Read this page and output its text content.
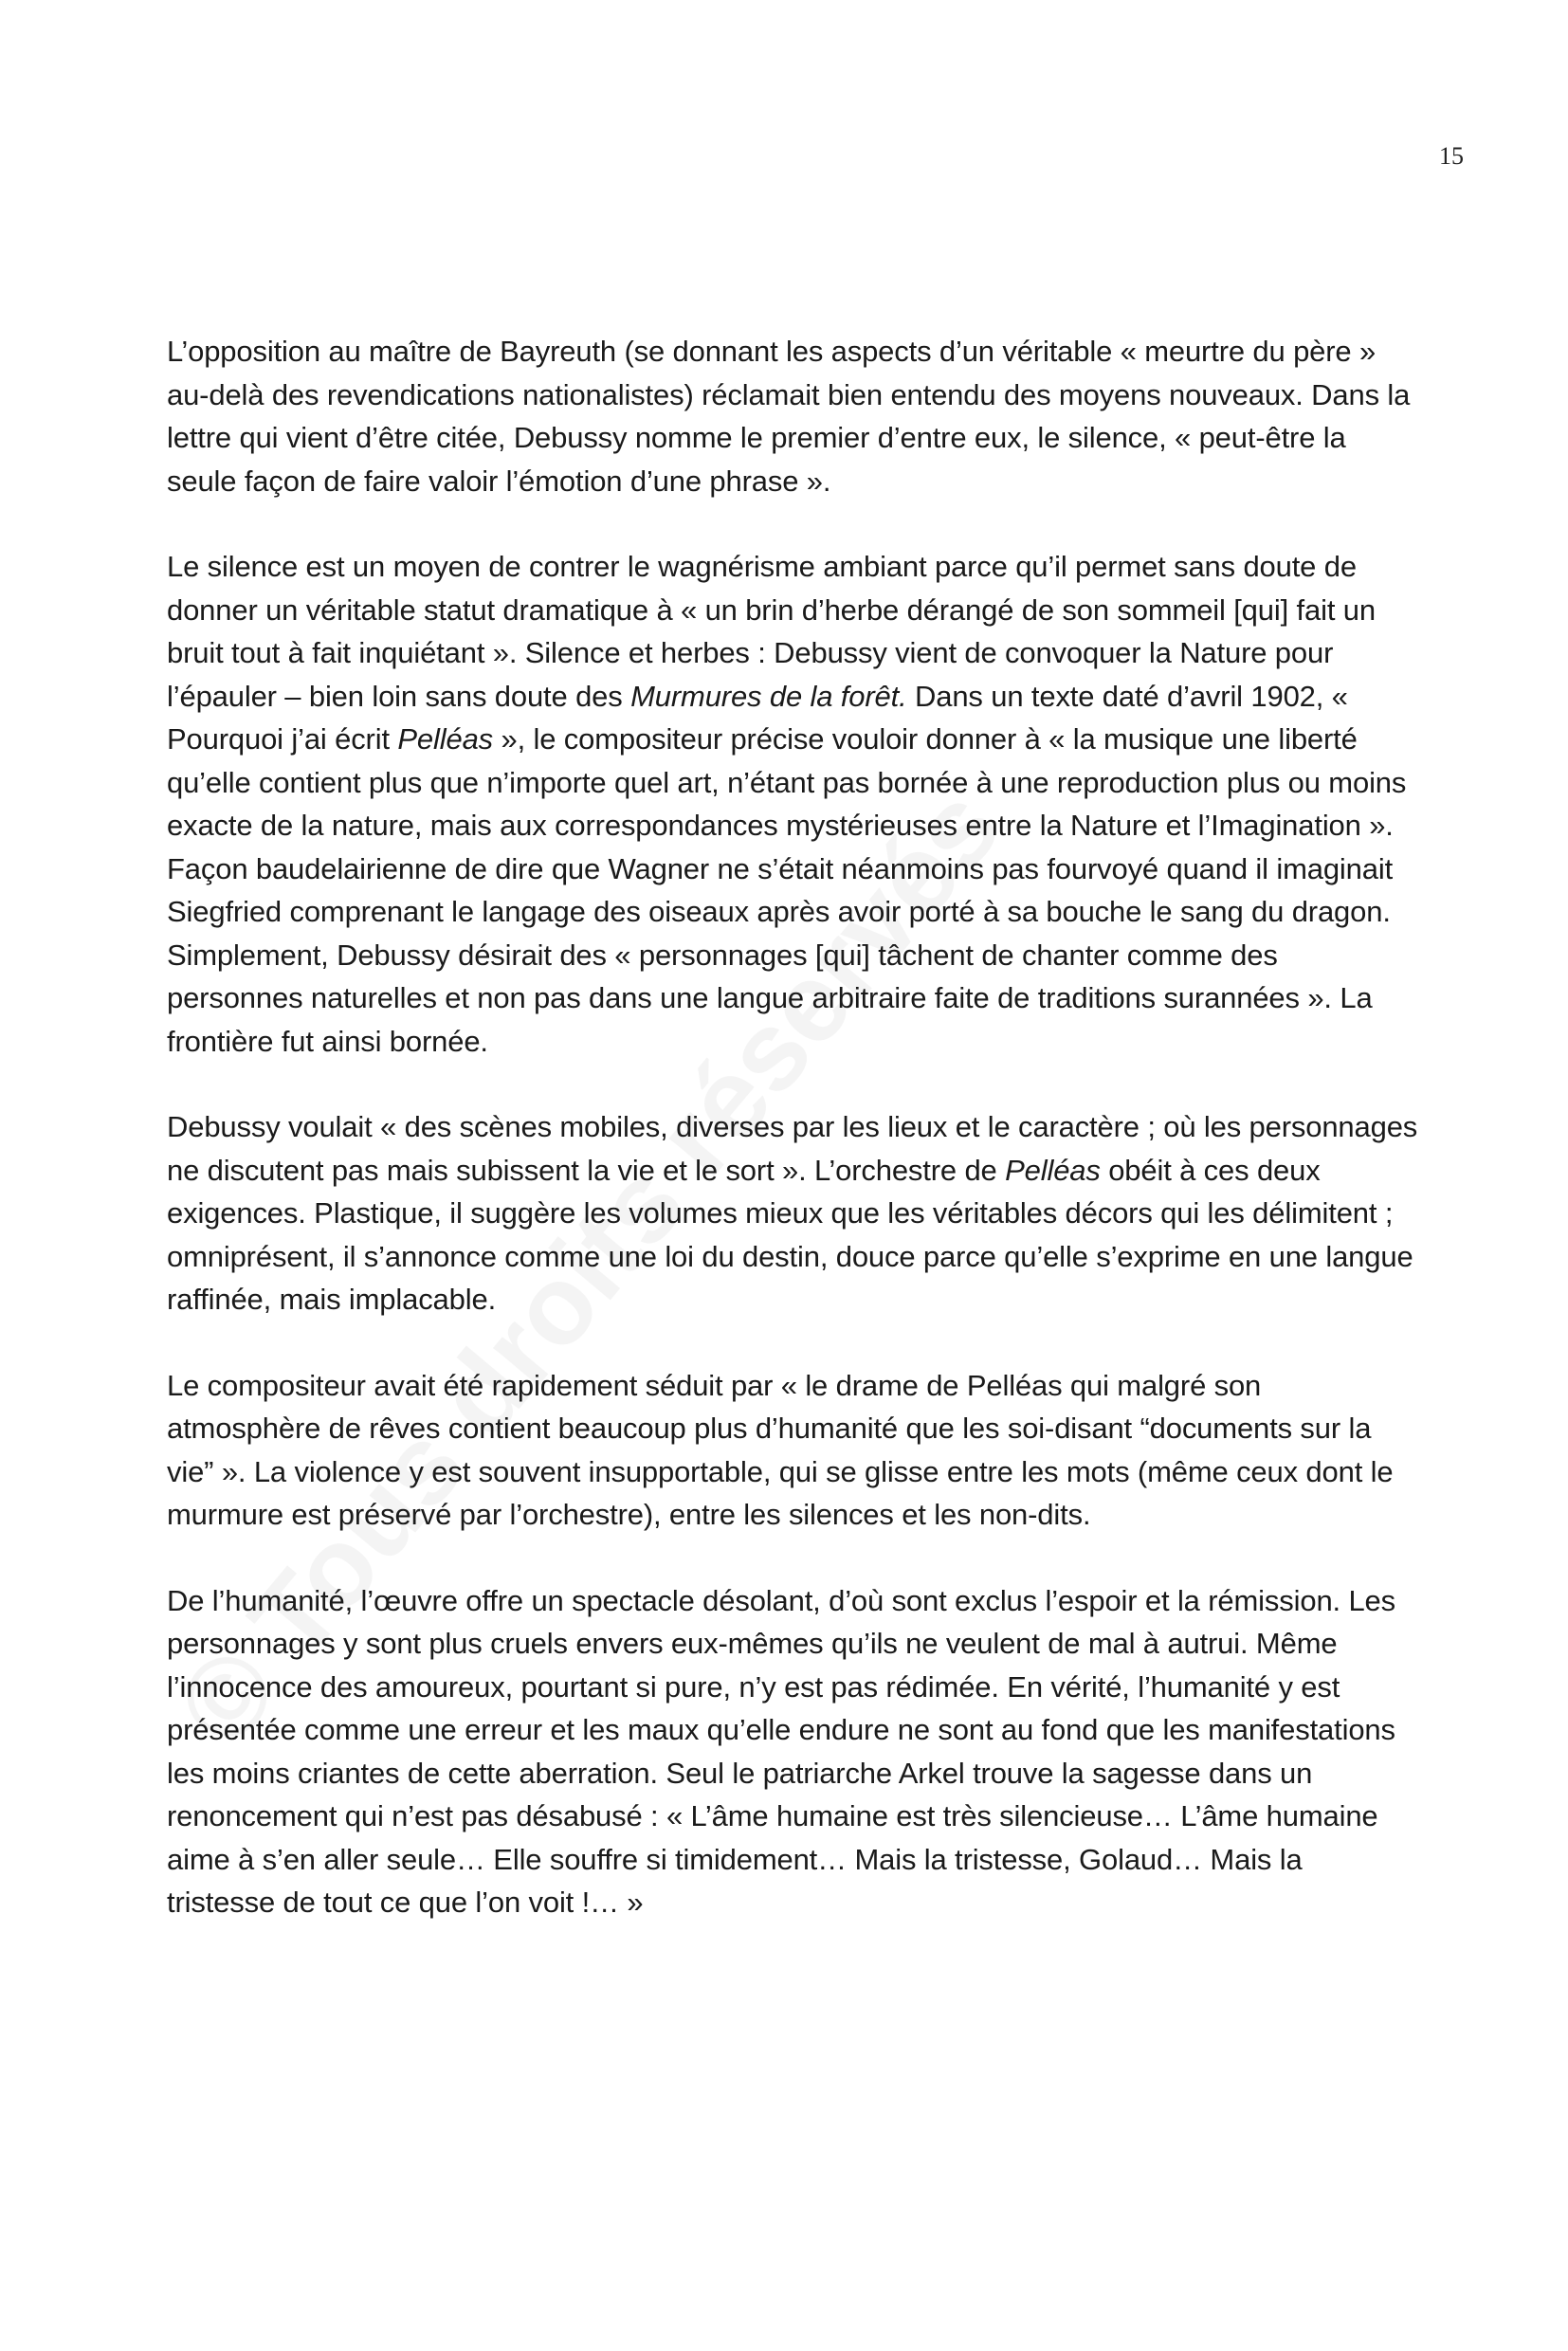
15

L’opposition au maître de Bayreuth (se donnant les aspects d’un véritable « meurtre du père » au-delà des revendications nationalistes) réclamait bien entendu des moyens nouveaux. Dans la lettre qui vient d’être citée, Debussy nomme le premier d’entre eux, le silence, « peut-être la seule façon de faire valoir l’émotion d’une phrase ».

Le silence est un moyen de contrer le wagnérisme ambiant parce qu’il permet sans doute de donner un véritable statut dramatique à « un brin d’herbe dérangé de son sommeil [qui] fait un bruit tout à fait inquiétant ». Silence et herbes : Debussy vient de convoquer la Nature pour l’épauler – bien loin sans doute des Murmures de la forêt. Dans un texte daté d’avril 1902, « Pourquoi j’ai écrit Pelléas », le compositeur précise vouloir donner à « la musique une liberté qu’elle contient plus que n’importe quel art, n’étant pas bornée à une reproduction plus ou moins exacte de la nature, mais aux correspondances mystérieuses entre la Nature et l’Imagination ». Façon baudelairienne de dire que Wagner ne s’était néanmoins pas fourvoyé quand il imaginait Siegfried comprenant le langage des oiseaux après avoir porté à sa bouche le sang du dragon. Simplement, Debussy désirait des « personnages [qui] tâchent de chanter comme des personnes naturelles et non pas dans une langue arbitraire faite de traditions surannées ». La frontière fut ainsi bornée.

Debussy voulait « des scènes mobiles, diverses par les lieux et le caractère ; où les personnages ne discutent pas mais subissent la vie et le sort ». L’orchestre de Pelléas obéit à ces deux exigences. Plastique, il suggère les volumes mieux que les véritables décors qui les délimitent ; omniprésent, il s’annonce comme une loi du destin, douce parce qu’elle s’exprime en une langue raffinée, mais implacable.

Le compositeur avait été rapidement séduit par « le drame de Pelléas qui malgré son atmosphère de rêves contient beaucoup plus d’humanité que les soi-disant “documents sur la vie” ». La violence y est souvent insupportable, qui se glisse entre les mots (même ceux dont le murmure est préservé par l’orchestre), entre les silences et les non-dits.

De l’humanité, l’œuvre offre un spectacle désolant, d’où sont exclus l’espoir et la rémission. Les personnages y sont plus cruels envers eux-mêmes qu’ils ne veulent de mal à autrui. Même l’innocence des amoureux, pourtant si pure, n’y est pas rédimée. En vérité, l’humanité y est présentée comme une erreur et les maux qu’elle endure ne sont au fond que les manifestations les moins criantes de cette aberration. Seul le patriarche Arkel trouve la sagesse dans un renoncement qui n’est pas désabusé : « L’âme humaine est très silencieuse… L’âme humaine aime à s’en aller seule… Elle souffre si timidement… Mais la tristesse, Golaud… Mais la tristesse de tout ce que l’on voit !… »
